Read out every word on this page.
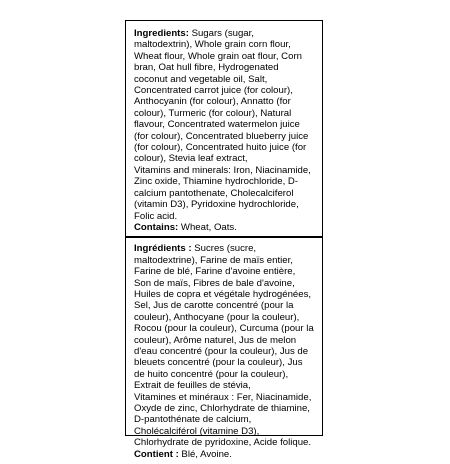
Ingredients: Sugars (sugar, maltodextrin), Whole grain corn flour, Wheat flour, Whole grain oat flour, Corn bran, Oat hull fibre, Hydrogenated coconut and vegetable oil, Salt, Concentrated carrot juice (for colour), Anthocyanin (for colour), Annatto (for colour), Turmeric (for colour), Natural flavour, Concentrated watermelon juice (for colour), Concentrated blueberry juice (for colour), Concentrated huito juice (for colour), Stevia leaf extract,

Vitamins and minerals: Iron, Niacinamide, Zinc oxide, Thiamine hydrochloride, D-calcium pantothenate, Cholecalciferol (vitamin D3), Pyridoxine hydrochloride, Folic acid.

Contains: Wheat, Oats.

Ingrédients : Sucres (sucre, maltodextrine), Farine de maïs entier, Farine de blé, Farine d'avoine entière, Son de maïs, Fibres de bale d'avoine, Huiles de copra et végétale hydrogénées, Sel, Jus de carotte concentré (pour la couleur), Anthocyane (pour la couleur), Rocou (pour la couleur), Curcuma (pour la couleur), Arôme naturel, Jus de melon d'eau concentré (pour la couleur), Jus de bleuets concentré (pour la couleur), Jus de huito concentré (pour la couleur), Extrait de feuilles de stévia,

Vitamines et minéraux : Fer, Niacinamide, Oxyde de zinc, Chlorhydrate de thiamine, D-pantothénate de calcium, Cholécalciférol (vitamine D3), Chlorhydrate de pyridoxine, Acide folique.

Contient : Blé, Avoine.
